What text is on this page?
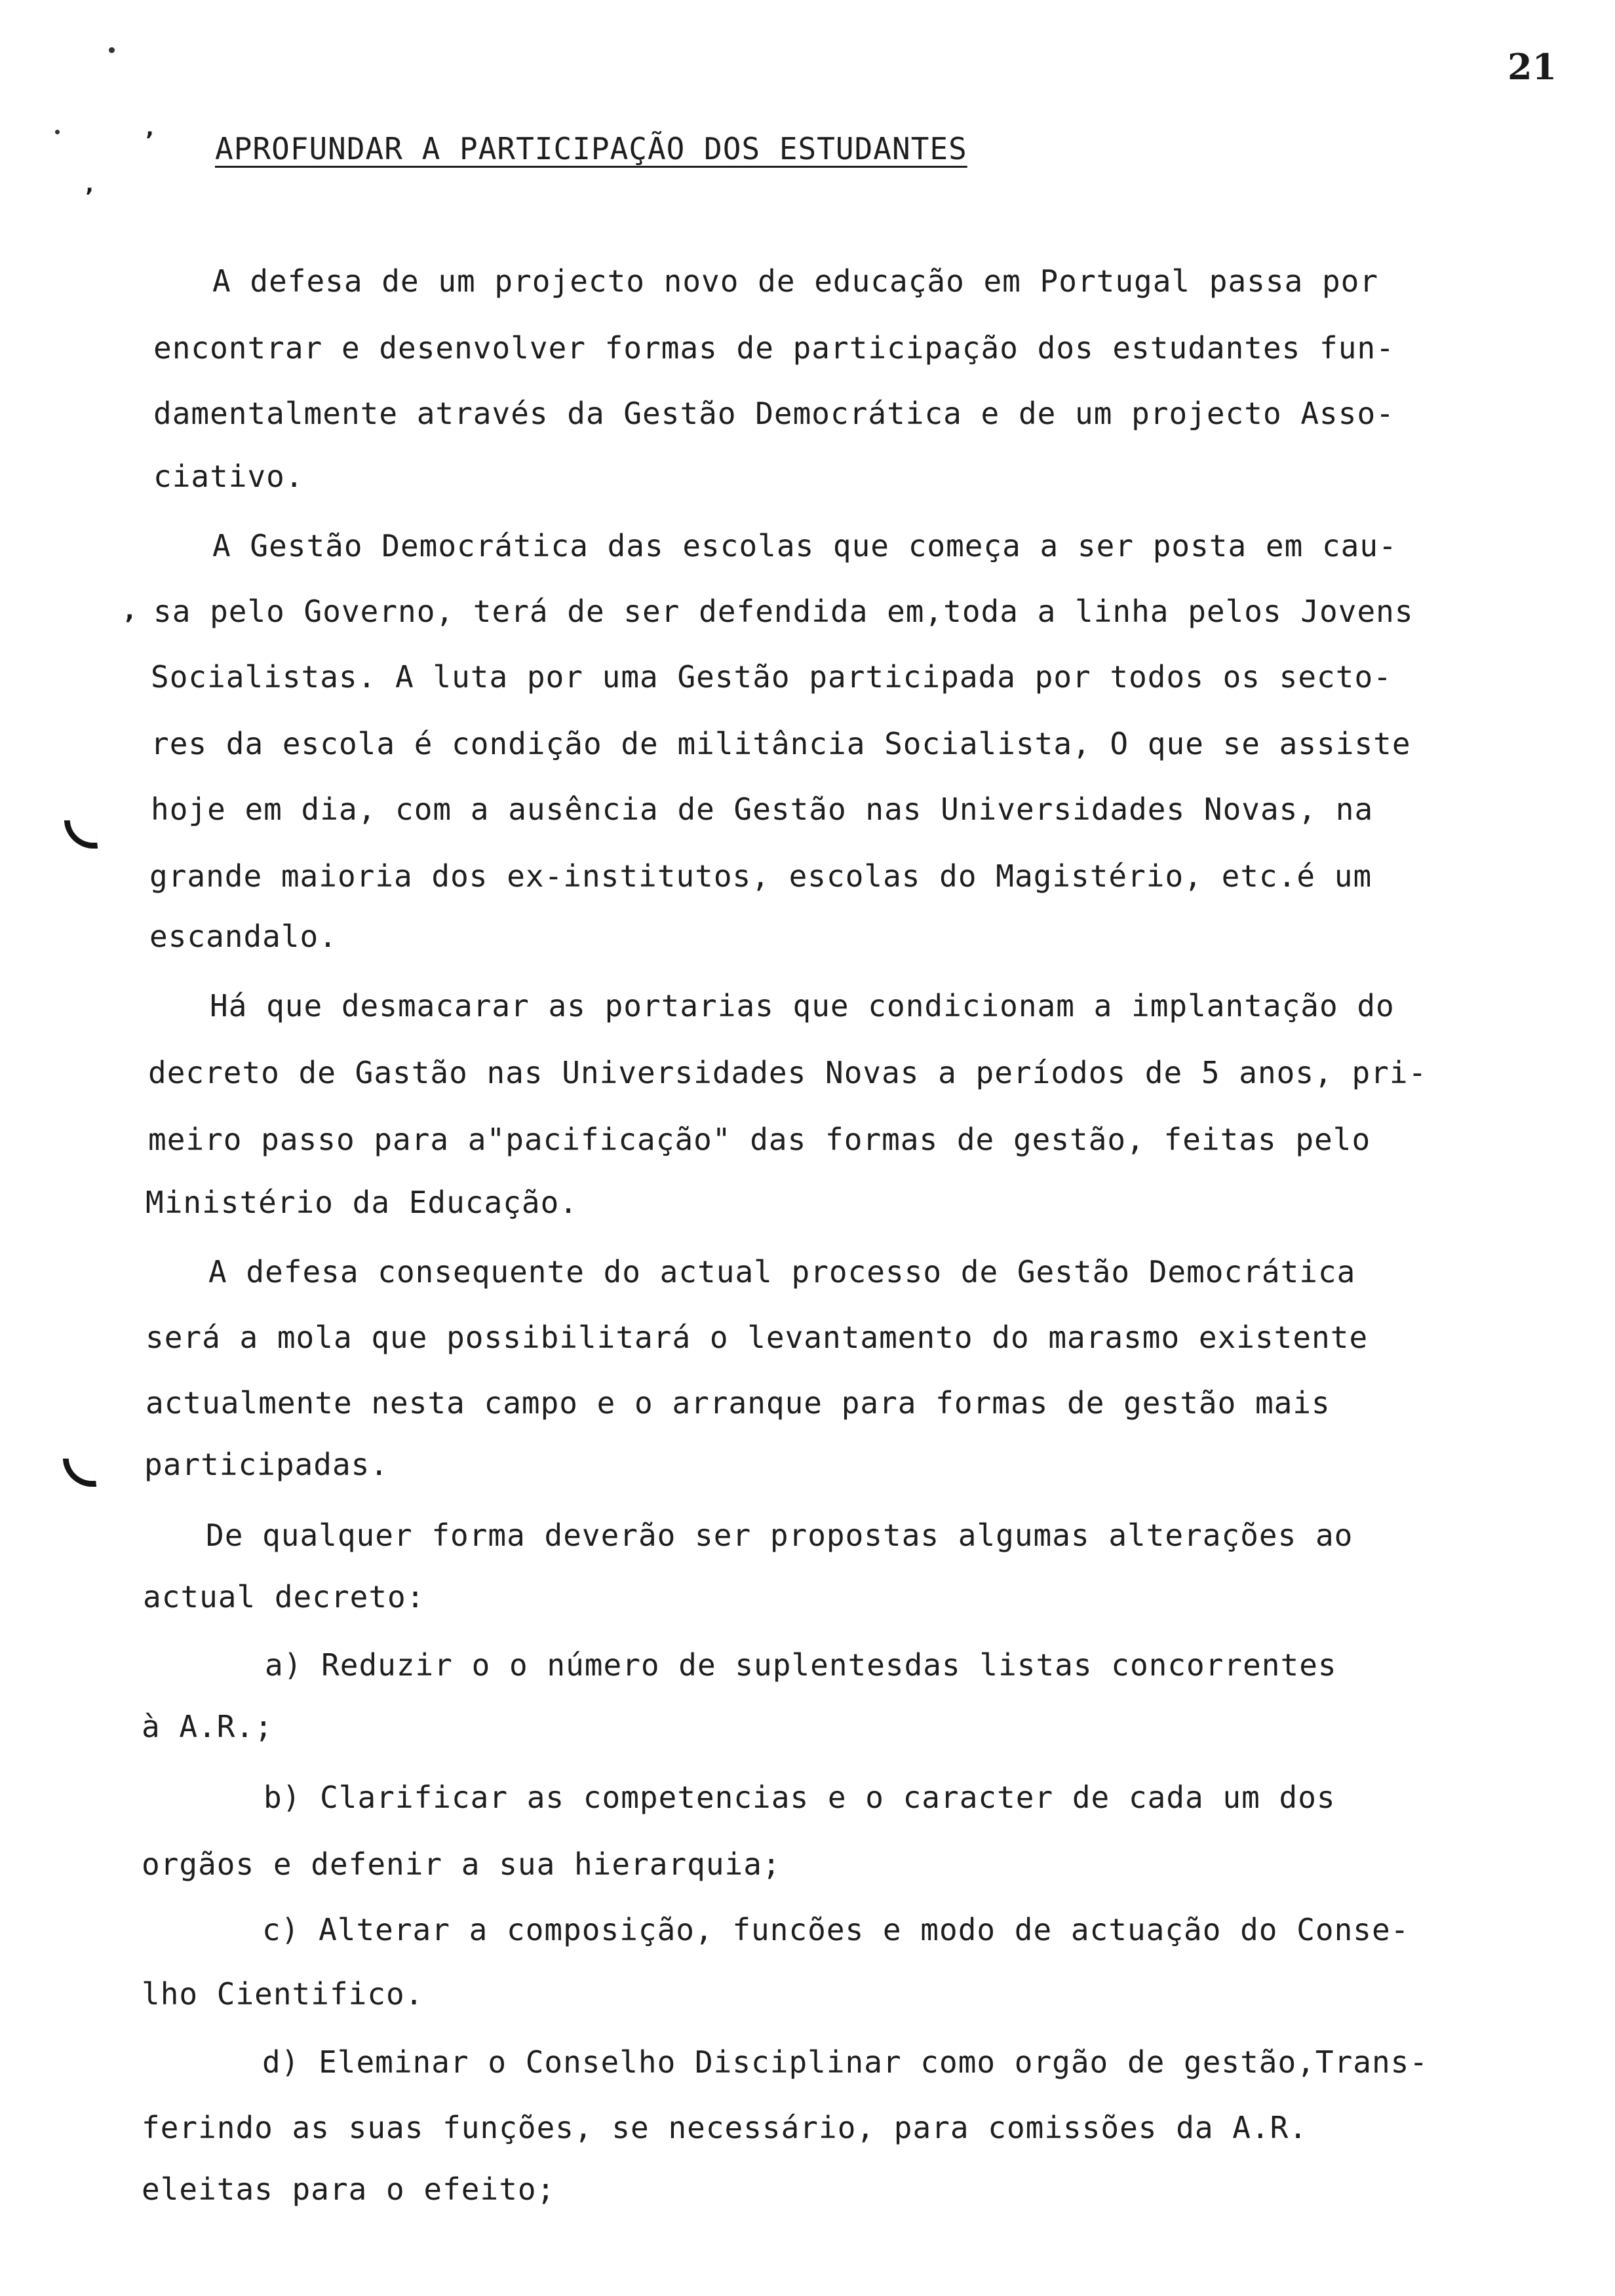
21
’
’
‚
APROFUNDAR A PARTICIPAÇÃO DOS ESTUDANTES
A defesa de um projecto novo de educação em Portugal passa por
encontrar e desenvolver formas de participação dos estudantes fun-
damentalmente através da Gestão Democrática e de um projecto Asso-
ciativo.
A Gestão Democrática das escolas que começa a ser posta em cau-
sa pelo Governo, terá de ser defendida em,toda a linha pelos Jovens
Socialistas. A luta por uma Gestão participada por todos os secto-
res da escola é condição de militância Socialista, O que se assiste
hoje em dia, com a ausência de Gestão nas Universidades Novas, na
grande maioria dos ex-institutos, escolas do Magistério, etc.é um
escandalo.
Há que desmacarar as portarias que condicionam a implantação do
decreto de Gastão nas Universidades Novas a períodos de 5 anos, pri-
meiro passo para a"pacificação" das formas de gestão, feitas pelo
Ministério da Educação.
A defesa consequente do actual processo de Gestão Democrática
será a mola que possibilitará o levantamento do marasmo existente
actualmente nesta campo e o arranque para formas de gestão mais
participadas.
De qualquer forma deverão ser propostas algumas alterações ao
actual decreto:
a) Reduzir o o número de suplentesdas listas concorrentes
à A.R.;
b) Clarificar as competencias e o caracter de cada um dos
orgãos e defenir a sua hierarquia;
c) Alterar a composição, funcões e modo de actuação do Conse-
lho Cientifico.
d) Eleminar o Conselho Disciplinar como orgão de gestão,Trans-
ferindo as suas funções, se necessário, para comissões da A.R.
eleitas para o efeito;
